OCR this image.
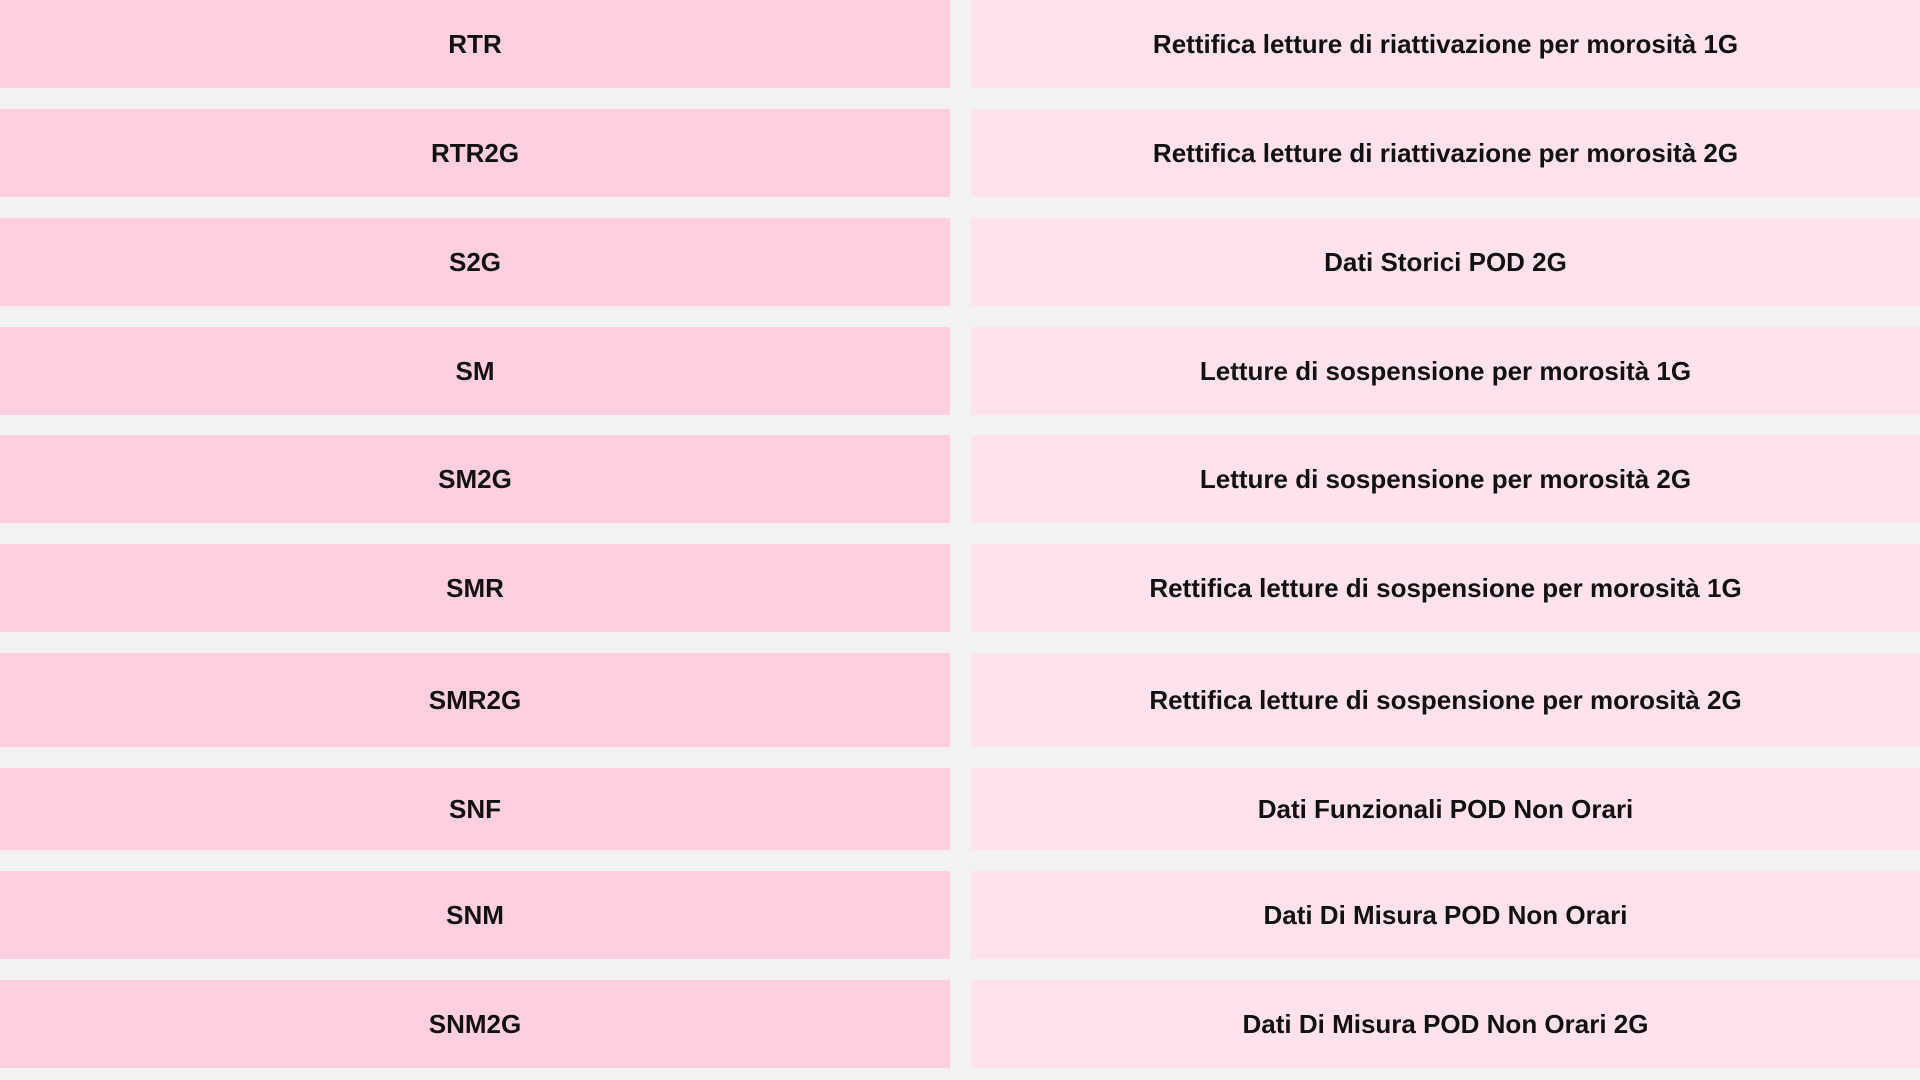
RTR	Rettifica letture di riattivazione per morosità 1G
RTR2G	Rettifica letture di riattivazione per morosità 2G
S2G	Dati Storici POD 2G
SM	Letture di sospensione per morosità 1G
SM2G	Letture di sospensione per morosità 2G
SMR	Rettifica letture di sospensione per morosità 1G
SMR2G	Rettifica letture di sospensione per morosità 2G
SNF	Dati Funzionali POD Non Orari
SNM	Dati Di Misura POD Non Orari
SNM2G	Dati Di Misura POD Non Orari 2G
